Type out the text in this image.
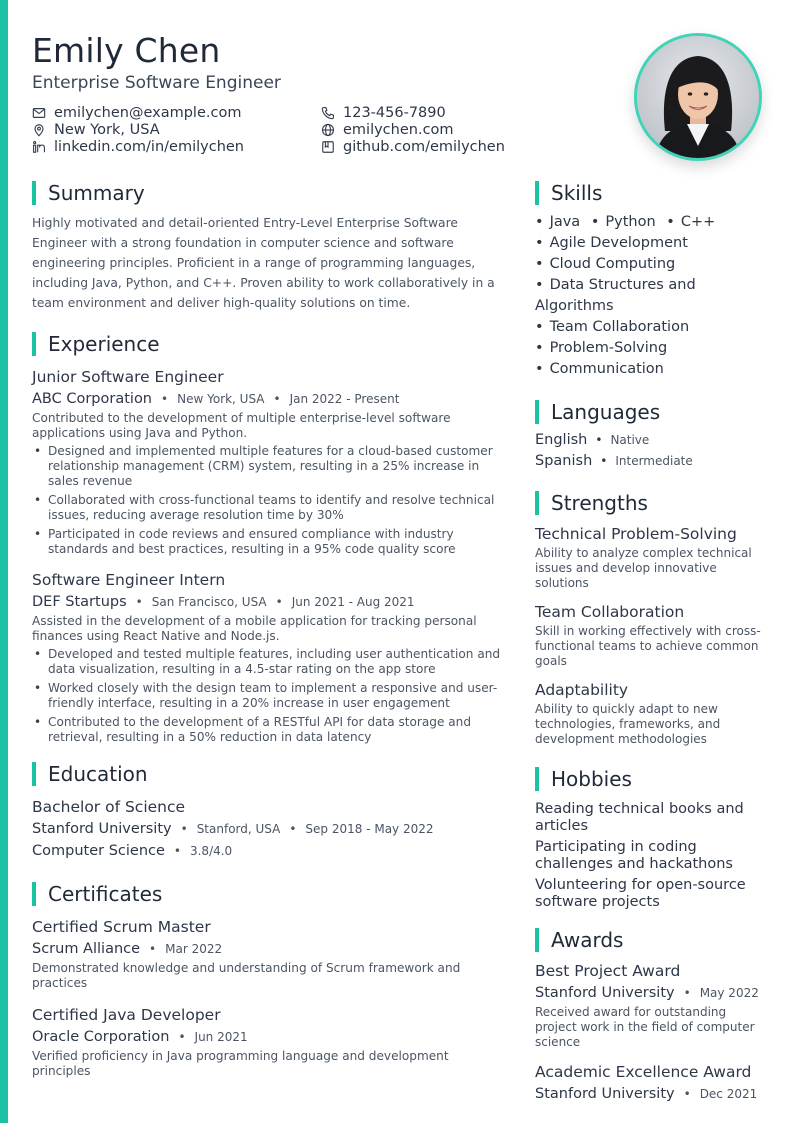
Emily Chen
Enterprise Software Engineer
emilychen@example.com
New York, USA
linkedin.com/in/emilychen
123-456-7890
emilychen.com
github.com/emilychen
Summary
Highly motivated and detail-oriented Entry-Level Enterprise Software Engineer with a strong foundation in computer science and software engineering principles. Proficient in a range of programming languages, including Java, Python, and C++. Proven ability to work collaboratively in a team environment and deliver high-quality solutions on time.
Experience
Junior Software Engineer
ABC Corporation • New York, USA • Jan 2022 - Present
Contributed to the development of multiple enterprise-level software applications using Java and Python.
• Designed and implemented multiple features for a cloud-based customer relationship management (CRM) system, resulting in a 25% increase in sales revenue
• Collaborated with cross-functional teams to identify and resolve technical issues, reducing average resolution time by 30%
• Participated in code reviews and ensured compliance with industry standards and best practices, resulting in a 95% code quality score
Software Engineer Intern
DEF Startups • San Francisco, USA • Jun 2021 - Aug 2021
Assisted in the development of a mobile application for tracking personal finances using React Native and Node.js.
• Developed and tested multiple features, including user authentication and data visualization, resulting in a 4.5-star rating on the app store
• Worked closely with the design team to implement a responsive and user-friendly interface, resulting in a 20% increase in user engagement
• Contributed to the development of a RESTful API for data storage and retrieval, resulting in a 50% reduction in data latency
Education
Bachelor of Science
Stanford University • Stanford, USA • Sep 2018 - May 2022
Computer Science • 3.8/4.0
Certificates
Certified Scrum Master
Scrum Alliance • Mar 2022
Demonstrated knowledge and understanding of Scrum framework and practices
Certified Java Developer
Oracle Corporation • Jun 2021
Verified proficiency in Java programming language and development principles
Skills
• Java • Python • C++
• Agile Development
• Cloud Computing
• Data Structures and Algorithms
• Team Collaboration
• Problem-Solving
• Communication
Languages
English • Native
Spanish • Intermediate
Strengths
Technical Problem-Solving
Ability to analyze complex technical issues and develop innovative solutions
Team Collaboration
Skill in working effectively with cross-functional teams to achieve common goals
Adaptability
Ability to quickly adapt to new technologies, frameworks, and development methodologies
Hobbies
Reading technical books and articles
Participating in coding challenges and hackathons
Volunteering for open-source software projects
Awards
Best Project Award
Stanford University • May 2022
Received award for outstanding project work in the field of computer science
Academic Excellence Award
Stanford University • Dec 2021
